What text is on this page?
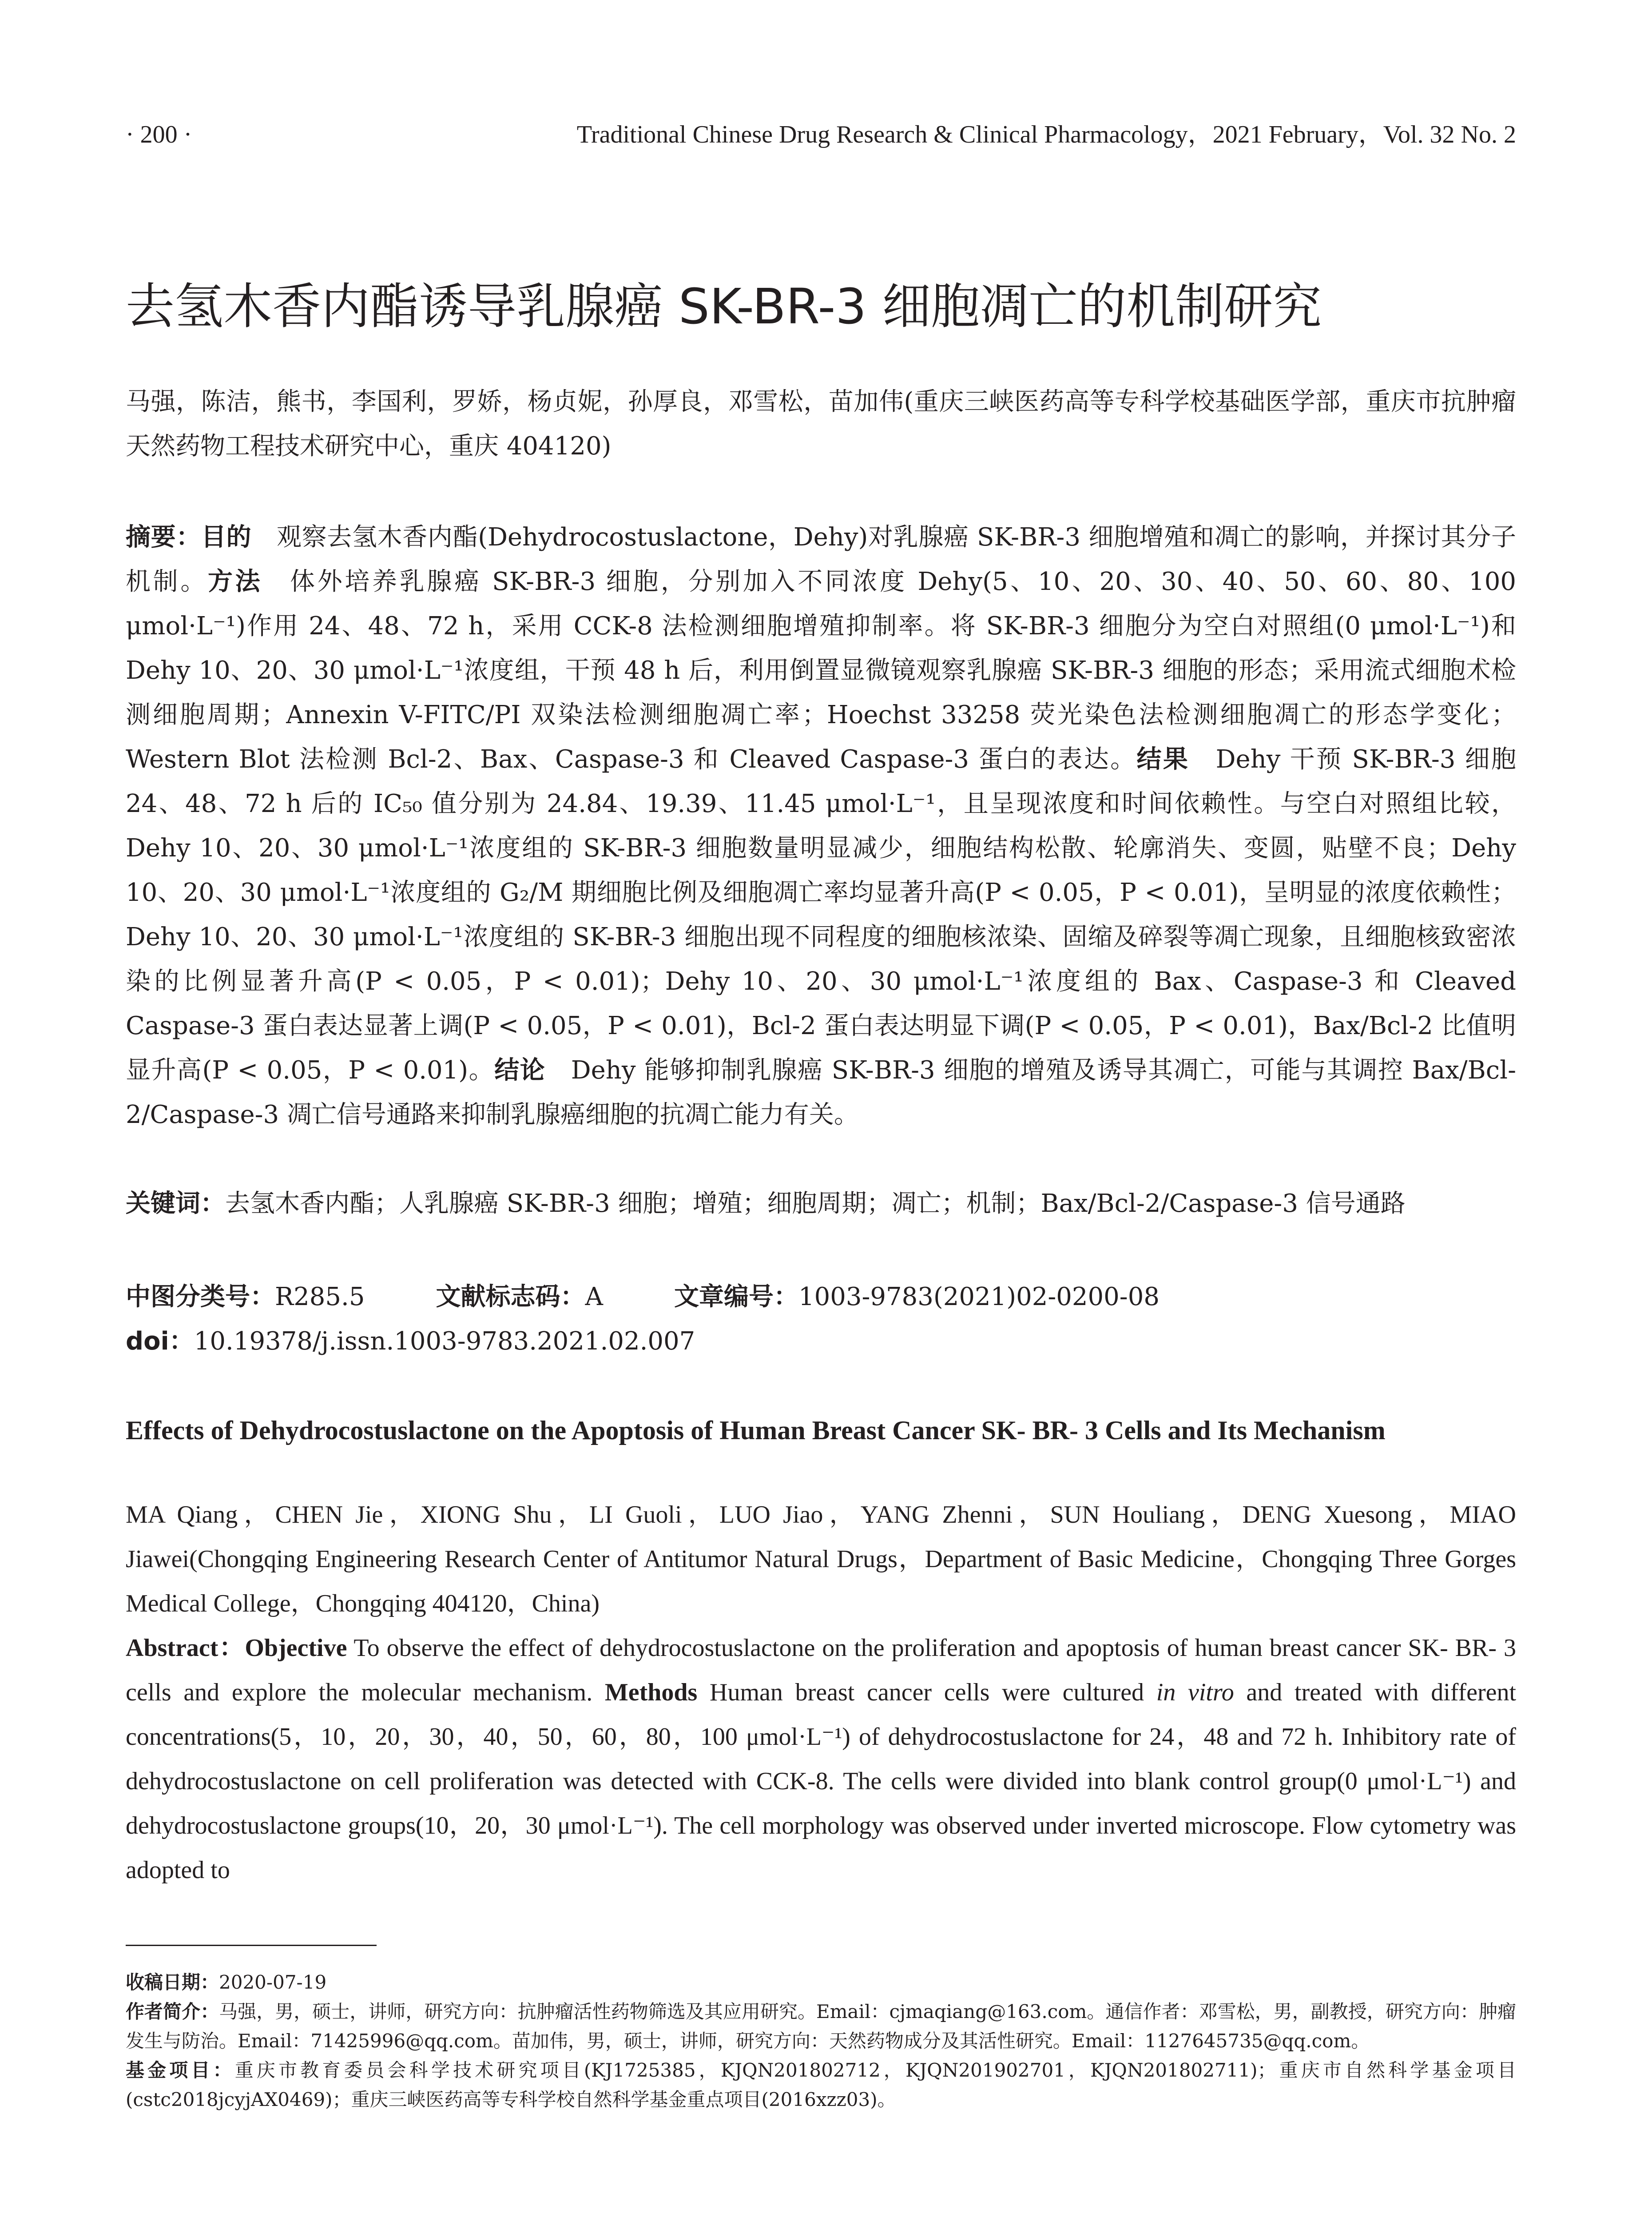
· 200 ·	Traditional Chinese Drug Research & Clinical Pharmacology，2021 February，Vol. 32 No. 2
去氢木香内酯诱导乳腺癌 SK-BR-3 细胞凋亡的机制研究
马强，陈洁，熊书，李国利，罗娇，杨贞妮，孙厚良，邓雪松，苗加伟(重庆三峡医药高等专科学校基础医学部，重庆市抗肿瘤天然药物工程技术研究中心，重庆 404120)
摘要：目的　观察去氢木香内酯(Dehydrocostuslactone，Dehy)对乳腺癌 SK-BR-3 细胞增殖和凋亡的影响，并探讨其分子机制。方法　体外培养乳腺癌 SK-BR-3 细胞，分别加入不同浓度 Dehy(5、10、20、30、40、50、60、80、100 μmol·L⁻¹)作用 24、48、72 h，采用 CCK-8 法检测细胞增殖抑制率。将 SK-BR-3 细胞分为空白对照组(0 μmol·L⁻¹)和 Dehy 10、20、30 μmol·L⁻¹浓度组，干预 48 h 后，利用倒置显微镜观察乳腺癌 SK-BR-3 细胞的形态；采用流式细胞术检测细胞周期；Annexin V-FITC/PI 双染法检测细胞凋亡率；Hoechst 33258 荧光染色法检测细胞凋亡的形态学变化；Western Blot 法检测 Bcl-2、Bax、Caspase-3 和 Cleaved Caspase-3 蛋白的表达。结果　Dehy 干预 SK-BR-3 细胞 24、48、72 h 后的 IC₅₀ 值分别为 24.84、19.39、11.45 μmol·L⁻¹，且呈现浓度和时间依赖性。与空白对照组比较，Dehy 10、20、30 μmol·L⁻¹浓度组的 SK-BR-3 细胞数量明显减少，细胞结构松散、轮廓消失、变圆，贴壁不良；Dehy 10、20、30 μmol·L⁻¹浓度组的 G₂/M 期细胞比例及细胞凋亡率均显著升高(P < 0.05，P < 0.01)，呈明显的浓度依赖性；Dehy 10、20、30 μmol·L⁻¹浓度组的 SK-BR-3 细胞出现不同程度的细胞核浓染、固缩及碎裂等凋亡现象，且细胞核致密浓染的比例显著升高(P < 0.05，P < 0.01)；Dehy 10、20、30 μmol·L⁻¹浓度组的 Bax、Caspase-3 和 Cleaved Caspase-3 蛋白表达显著上调(P < 0.05，P < 0.01)，Bcl-2 蛋白表达明显下调(P < 0.05，P < 0.01)，Bax/Bcl-2 比值明显升高(P < 0.05，P < 0.01)。结论　Dehy 能够抑制乳腺癌 SK-BR-3 细胞的增殖及诱导其凋亡，可能与其调控 Bax/Bcl-2/Caspase-3 凋亡信号通路来抑制乳腺癌细胞的抗凋亡能力有关。
关键词：去氢木香内酯；人乳腺癌 SK-BR-3 细胞；增殖；细胞周期；凋亡；机制；Bax/Bcl-2/Caspase-3 信号通路
中图分类号：R285.5	文献标志码：A	文章编号：1003-9783(2021)02-0200-08
doi：10.19378/j.issn.1003-9783.2021.02.007
Effects of Dehydrocostuslactone on the Apoptosis of Human Breast Cancer SK- BR- 3 Cells and Its Mechanism
MA Qiang，CHEN Jie，XIONG Shu，LI Guoli，LUO Jiao，YANG Zhenni，SUN Houliang，DENG Xuesong，MIAO Jiawei(Chongqing Engineering Research Center of Antitumor Natural Drugs，Department of Basic Medicine，Chongqing Three Gorges Medical College，Chongqing 404120，China)
Abstract：Objective To observe the effect of dehydrocostuslactone on the proliferation and apoptosis of human breast cancer SK- BR- 3 cells and explore the molecular mechanism. Methods Human breast cancer cells were cultured in vitro and treated with different concentrations(5，10，20，30，40，50，60，80，100 μmol·L⁻¹) of dehydrocostuslactone for 24，48 and 72 h. Inhibitory rate of dehydrocostuslactone on cell proliferation was detected with CCK-8. The cells were divided into blank control group(0 μmol·L⁻¹) and dehydrocostuslactone groups(10，20，30 μmol·L⁻¹). The cell morphology was observed under inverted microscope. Flow cytometry was adopted to

收稿日期：2020-07-19

作者简介：马强，男，硕士，讲师，研究方向：抗肿瘤活性药物筛选及其应用研究。Email：cjmaqiang@163.com。通信作者：邓雪松，男，副教授，研究方向：肿瘤发生与防治。Email：71425996@qq.com。苗加伟，男，硕士，讲师，研究方向：天然药物成分及其活性研究。Email：1127645735@qq.com。

基金项目：重庆市教育委员会科学技术研究项目(KJ1725385，KJQN201802712，KJQN201902701，KJQN201802711)；重庆市自然科学基金项目(cstc2018jcyjAX0469)；重庆三峡医药高等专科学校自然科学基金重点项目(2016xzz03)。
